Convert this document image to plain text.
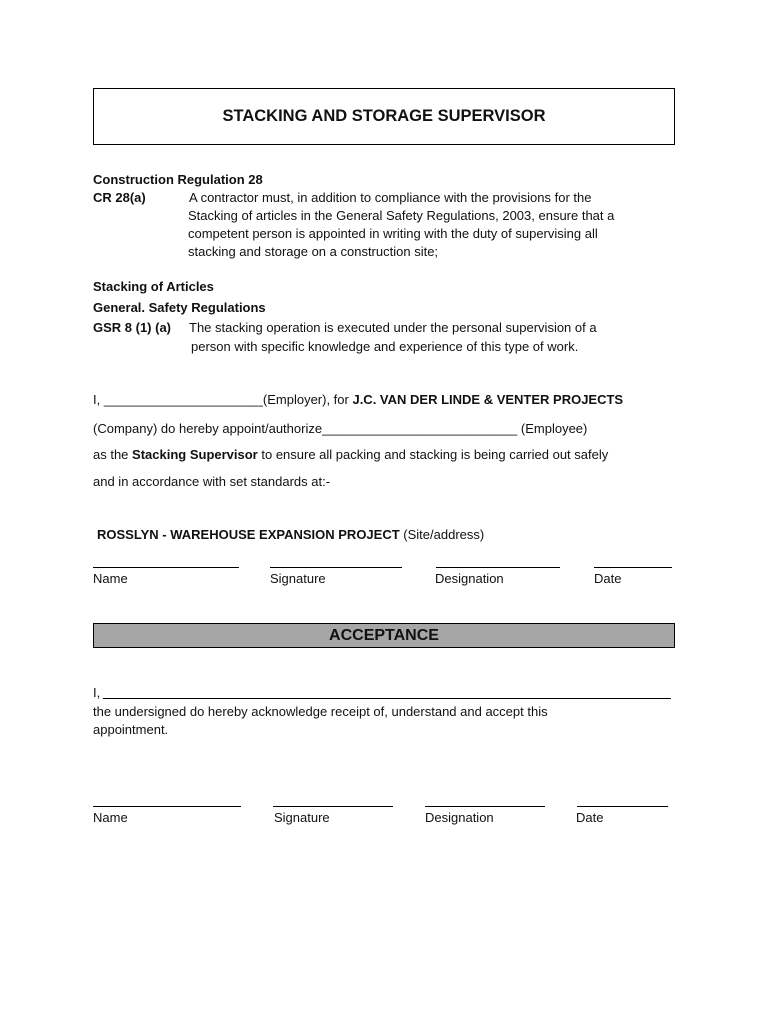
STACKING AND STORAGE SUPERVISOR
Construction Regulation 28
CR 28(a)	A contractor must, in addition to compliance with the provisions for the
Stacking of articles in the General Safety Regulations, 2003, ensure that a
competent person is appointed in writing with the duty of supervising all
stacking and storage on a construction site;
Stacking of Articles
General. Safety Regulations
GSR 8 (1) (a) The stacking operation is executed under the personal supervision of a
person with specific knowledge and experience of this type of work.
I, ______________________(Employer), for J.C. VAN DER LINDE & VENTER PROJECTS
(Company) do hereby appoint/authorize___________________________ (Employee)
as the Stacking Supervisor to ensure all packing and stacking is being carried out safely
and in accordance with set standards at:-
ROSSLYN - WAREHOUSE EXPANSION PROJECT (Site/address)
Name	Signature	Designation	Date
ACCEPTANCE
I,
the undersigned do hereby acknowledge receipt of, understand and accept this
appointment.
Name	Signature	Designation	Date
